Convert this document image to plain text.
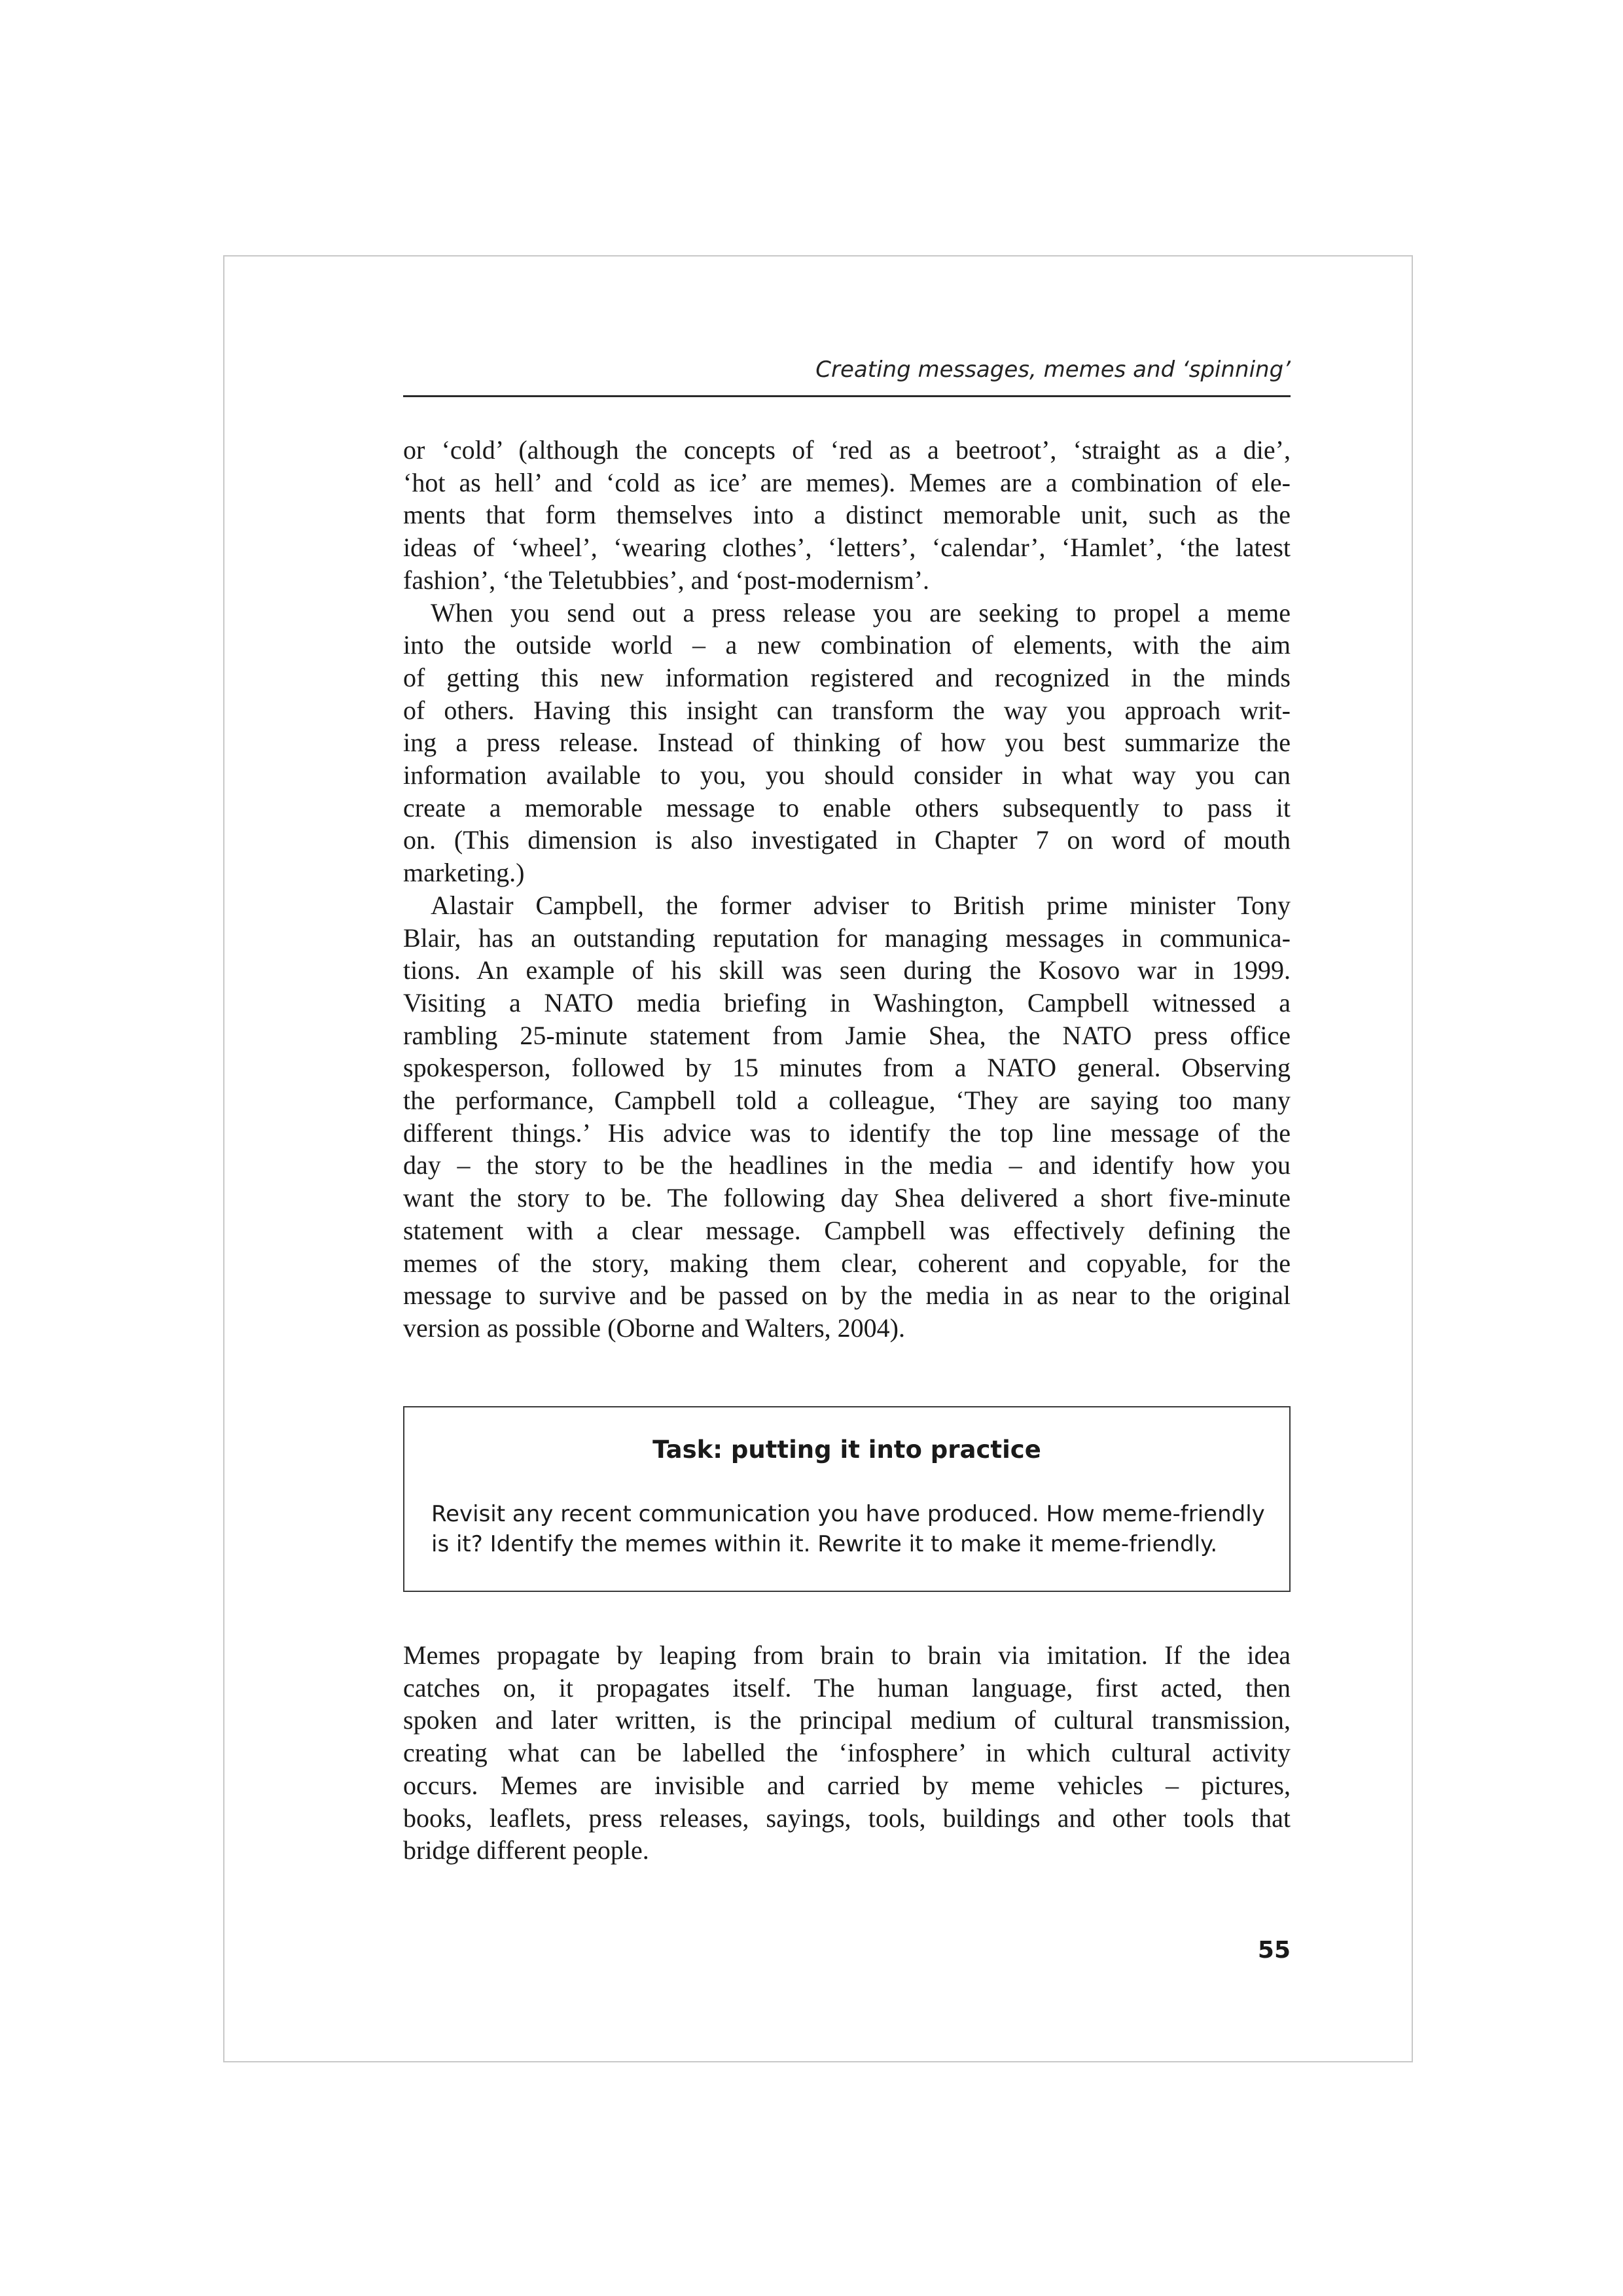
Creating messages, memes and ‘spinning’
or ‘cold’ (although the concepts of ‘red as a beetroot’, ‘straight as a die’,
‘hot as hell’ and ‘cold as ice’ are memes). Memes are a combination of ele-
ments that form themselves into a distinct memorable unit, such as the
ideas of ‘wheel’, ‘wearing clothes’, ‘letters’, ‘calendar’, ‘Hamlet’, ‘the latest
fashion’, ‘the Teletubbies’, and ‘post-modernism’.
When you send out a press release you are seeking to propel a meme
into the outside world – a new combination of elements, with the aim
of getting this new information registered and recognized in the minds
of others. Having this insight can transform the way you approach writ-
ing a press release. Instead of thinking of how you best summarize the
information available to you, you should consider in what way you can
create a memorable message to enable others subsequently to pass it
on. (This dimension is also investigated in Chapter 7 on word of mouth
marketing.)
Alastair Campbell, the former adviser to British prime minister Tony
Blair, has an outstanding reputation for managing messages in communica-
tions. An example of his skill was seen during the Kosovo war in 1999.
Visiting a NATO media briefing in Washington, Campbell witnessed a
rambling 25-minute statement from Jamie Shea, the NATO press office
spokesperson, followed by 15 minutes from a NATO general. Observing
the performance, Campbell told a colleague, ‘They are saying too many
different things.’ His advice was to identify the top line message of the
day – the story to be the headlines in the media – and identify how you
want the story to be. The following day Shea delivered a short five-minute
statement with a clear message. Campbell was effectively defining the
memes of the story, making them clear, coherent and copyable, for the
message to survive and be passed on by the media in as near to the original
version as possible (Oborne and Walters, 2004).
Task: putting it into practice
Revisit any recent communication you have produced. How meme-friendly
is it? Identify the memes within it. Rewrite it to make it meme-friendly.
Memes propagate by leaping from brain to brain via imitation. If the idea
catches on, it propagates itself. The human language, first acted, then
spoken and later written, is the principal medium of cultural transmission,
creating what can be labelled the ‘infosphere’ in which cultural activity
occurs. Memes are invisible and carried by meme vehicles – pictures,
books, leaflets, press releases, sayings, tools, buildings and other tools that
bridge different people.
55
